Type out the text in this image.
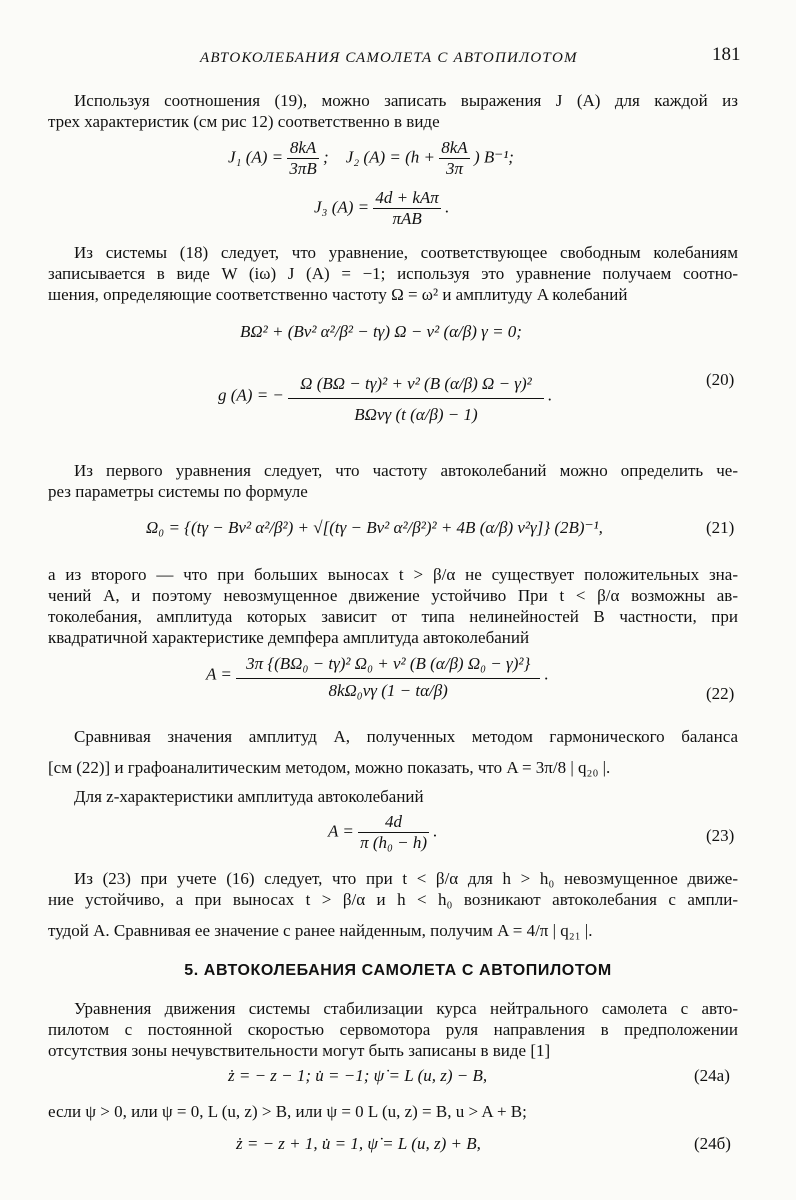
АВТОКОЛЕБАНИЯ САМОЛЕТА С АВТОПИЛОТОМ	181
Используя соотношения (19), можно записать выражения J (A) для каждой из
трех характеристик (см рис 12) соответственно в виде
J₁ $(A) = \frac{8kA}{3\pi B}$ ; J₂ $(A) = (h + \frac{8kA}{3\pi}$ ) B⁻¹;
J₃ $(A) = \frac{\text{4d + kAπ}}{\text{πAB}}$ .
Из системы (18) следует, что уравнение, соответствующее свободным колебаниям
записывается в виде W (iω) J (A) = −1; используя это уравнение получаем соотно-
шения, определяющие соответственно частоту Ω = ω² и амплитуду A колебаний
BΩ² + (Bv² α²/β² − tγ) Ω − v² (α/β) γ = 0;
g (A) = − $\frac{\text{Ω (BΩ − tγ)² + v² (B (α/β) Ω − γ)²}}{\text{BΩvγ (t (α/β) − 1)}}$ .
(20)
Из первого уравнения следует, что частоту автоколебаний можно определить че-
рез параметры системы по формуле
Ω₀ = {(tγ − Bv² α²/β²) + √[(tγ − Bv² α²/β²)² + 4B (α/β) v²γ]} (2B)⁻¹,	(21)
а из второго — что при больших выносах t > β/α не существует положительных зна-
чений A, и поэтому невозмущенное движение устойчиво При t < β/α возможны ав-
токолебания, амплитуда которых зависит от типа нелинейностей В частности, при
квадратичной характеристике демпфера амплитуда автоколебаний
$A = \frac{\text{3π \{(BΩ₀ − tγ)² Ω₀ + v² (B (α/β) Ω₀ − γ)²\}}}{\text{8kΩ₀vγ (1 − tα/β)}}$ .
(22)
Сравнивая значения амплитуд A, полученных методом гармонического баланса
[см (22)] и графоаналитическим методом, можно показать, что A = 3π/8 | q₂₀ |.
Для z-характеристики амплитуда автоколебаний
$A = \frac{4d}{\text{π (h₀ − h)}}$ .	(23)
Из (23) при учете (16) следует, что при t < β/α для h > h₀ невозмущенное движе-
ние устойчиво, а при выносах t > β/α и h < h₀ возникают автоколебания с ампли-
тудой A. Сравнивая ее значение с ранее найденным, получим A = 4/π | q₂₁ |.
5. АВТОКОЛЕБАНИЯ САМОЛЕТА С АВТОПИЛОТОМ
Уравнения движения системы стабилизации курса нейтрального самолета с авто-
пилотом с постоянной скоростью сервомотора руля направления в предположении
отсутствия зоны нечувствительности могут быть записаны в виде [1]
ż = − z − 1; u̇ = −1; ψ̇ = L (u, z) − B,	(24а)
если ψ > 0, или ψ = 0, L (u, z) > B, или ψ = 0 L (u, z) = B, u > A + B;
ż = − z + 1, u̇ = 1, ψ̇ = L (u, z) + B,	(24б)
